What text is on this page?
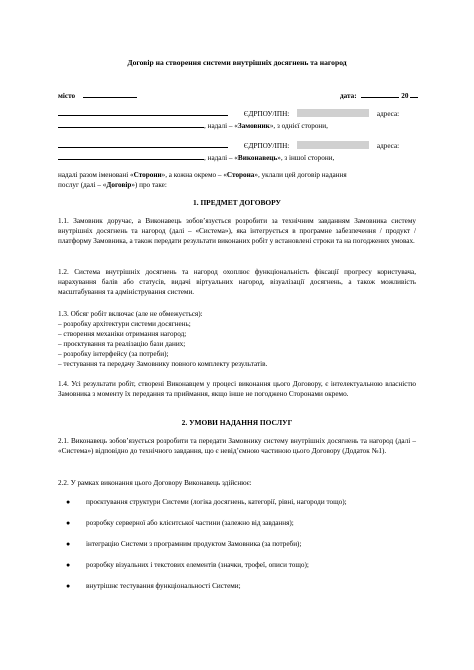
Договір на створення системи внутрішніх досягнень та нагород
місто	дата:	20
ЄДРПОУ/ІПН:	адреса:
, надалі – «Замовник», з однієї сторони,
ЄДРПОУ/ІПН:	адреса:
, надалі – «Виконавець», з іншої сторони,
надалі разом іменовані «Сторони», а кожна окремо – «Сторона», уклали цей договір надання
послуг (далі – «Договір») про таке:
1. ПРЕДМЕТ ДОГОВОРУ
1.1. Замовник доручає, а Виконавець зобов’язується розробити за технічним завданням Замовника систему внутрішніх досягнень та нагород (далі – «Система»), яка інтегрується в програмне забезпечення / продукт / платформу Замовника, а також передати результати виконаних робіт у встановлені строки та на погоджених умовах.
1.2. Система внутрішніх досягнень та нагород охоплює функціональність фіксації прогресу користувача, нарахування балів або статусів, видачі віртуальних нагород, візуалізації досягнень, а також можливість масштабування та адміністрування системи.
1.3. Обсяг робіт включає (але не обмежується):
– розробку архітектури системи досягнень;
– створення механіки отримання нагород;
– проєктування та реалізацію бази даних;
– розробку інтерфейсу (за потреби);
– тестування та передачу Замовнику повного комплекту результатів.
1.4. Усі результати робіт, створені Виконавцем у процесі виконання цього Договору, є інтелектуальною власністю Замовника з моменту їх передання та приймання, якщо інше не погоджено Сторонами окремо.
2. УМОВИ НАДАННЯ ПОСЛУГ
2.1. Виконавець зобов’язується розробити та передати Замовнику систему внутрішніх досягнень та нагород (далі – «Система») відповідно до технічного завдання, що є невід’ємною частиною цього Договору (Додаток №1).
2.2. У рамках виконання цього Договору Виконавець здійснює:
●	проєктування структури Системи (логіка досягнень, категорії, рівні, нагороди тощо);
●	розробку серверної або клієнтської частини (залежно від завдання);
●	інтеграцію Системи з програмним продуктом Замовника (за потреби);
●	розробку візуальних і текстових елементів (значки, трофеї, описи тощо);
●	внутрішнє тестування функціональності Системи;
